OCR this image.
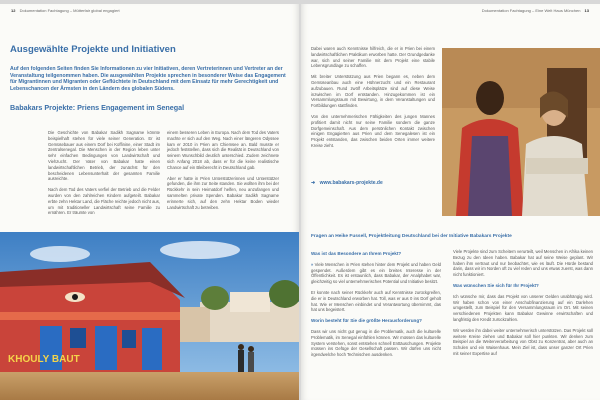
12 Dokumentation Fachtagung – Mütterfair global engagiert
Ausgewählte Projekte und Initiativen

Auf den folgenden Seiten finden Sie Informationen zu vier Initiativen, deren Vertreterinnen und Vertreter an der Veranstaltung teilgenommen haben. Die ausgewählten Projekte sprechen in besonderer Weise das Engagement für Migrantinnen und Migranten oder Geflüchtete in Deutschland mit dem Einsatz für mehr Gerechtigkeit und Lebenschancen der Ärmsten in den Ländern des globalen Südens.

Babakars Projekte: Priens Engagement im Senegal

Die Geschichte von Babakar Sadikh Sagname könnte beispielhaft stehen für viele seiner Generation. Er ist Gemüsebauer aus einem Dorf bei Koffinine, einer Stadt im Zentralsenegal. Die Menschen in der Region leben unter sehr einfachen Bedingungen von Landwirtschaft und Viehzucht. Der Vater von Babakar hatte einen landwirtschaftlichen Betrieb, der zunächst für den bescheidenen Lebensunterhalt der gesamten Familie ausreichte.

Nach dem Tod des Vaters verfiel der Betrieb und die Felder wurden von den zahlreichen Kindern aufgeteilt. Babakar erbte zehn Hektar Land, die Fläche reichte jedoch nicht aus, um mit traditioneller Landwirtschaft seine Familie zu ernähren. Er träumte von

einem besseren Leben in Europa. Nach dem Tod des Vaters machte er sich auf den Weg. Nach einer längeren Odyssee kam er 2010 in Prien am Chiemsee an. Bald musste er jedoch feststellen, dass sich die Realität in Deutschland von seinem Wunschbild deutlich unterschied. Zudem zeichnete sich Anfang 2018 ab, dass er für die keine realistische Chance auf ein Bleiberecht in Deutschland gab.

Aber er hatte in Prien Unterstützerinnen und Unterstützer gefunden, die ihm zur Seite standen. Sie wollten ihm bei der Rückkehr in sein Heimatdorf helfen, neu anzufangen und sammelten private Spenden. Babakar Sadikh Sagname erinnerte sich, auf den zehn Hektar Boden wieder Landwirtschaft zu betreiben.

KHOULY BAUT
Dokumentation Fachtagung – Eine Welt Haus München 13

Dabei waren auch Kenntnisse hilfreich, die er in Prien bei einem landwirtschaftlichen Praktikum erworben hatte. Der Grundgedanke war, sich und seiner Familie mit dem Projekt eine stabile Lebensgrundlage zu schaffen.

Mit breiter Unterstützung aus Prien begann es, neben dem Gemüseanbau auch eine Hühnerzucht und ein Restaurant aufzubauen. Rund zwölf Arbeitsplätze sind auf diese Weise inzwischen im Dorf entstanden. Hinzugekommen ist ein Versammlungsraum mit Bewirtung, in dem Veranstaltungen und Fortbildungen stattfinden.

Von den unternehmerischen Fähigkeiten des jungen Mannes profitiert damit nicht nur seine Familie sondern die ganze Dorfgemeinschaft. Aus dem persönlichen Kontakt zwischen einigen Engagierten aus Prien und dem Senegalesen ist ein Projekt entstanden, das zwischen beiden Orten immer weitere Kreise zieht.

➜ www.babakars-projekte.de

Fragen an Heike Fussell, Projektleitung Deutschland bei der Initiative Babakars Projekte

Was ist das Besondere an Ihrem Projekt?

» Viele Menschen in Prien stehen hinter dem Projekt und haben Geld gespendet. Außerdem gibt es ein breites Interesse in der Öffentlichkeit. Es ist erstaunlich, dass Babakar, der Analphabet war, gleichzeitig so viel unternehmerisches Potential und Initiative besitzt.

Er konnte nach seiner Rückkehr auch auf Kenntnisse zurückgreifen, die er in Deutschland erworben hat. Toll, was er aus 0 ins Dorf geholt hat. Wie er Menschen einbindet und Verantwortung übernimmt, das hat uns begeistert.

Worin besteht für Sie die größte Herausforderung?

Dass wir uns nicht gut genug in die Problematik, auch die kulturelle Problematik, im Senegal einfühlen können. Wir müssen das kulturelle System verstehen, sonst entstehen schnell Enttäuschungen. Projekte müssen ins Gefüge der Gesellschaft passen. Wir dürfen uns nicht irgendwelche hoch Technischen ausdenken.

Viele Projekte sind zum Scheitern verurteilt, weil Menschen in Afrika keinen Bezug zu den Ideen haben. Babakar hat auf seine Weise geplant. Wir haben ihm vertraut und nur beobachtet, wie es läuft. Die Hürde bestand darin, dass wir im Norden oft zu viel reden und uns etwas zuerst, was dann nicht funktioniert.

Was wünschen Sie sich für Ihr Projekt?

Ich wünsche mir, dass das Projekt von unserer Gelden unabhängig wird. Wir haben schon von einer Anschubfinanzierung auf ein Darlehen umgestellt, zum Beispiel für den Versammlungsraum im Ort. Mit seinen verschiedenen Projekten kann Babakar Gewinne erwirtschaften und langfristig den Kredit zurückzahlen.

Wir werden ihn dabei weiter unternehmerisch unterstützen. Das Projekt soll weitere Kreise ziehen und Babakar soll hier punkten. Wir denken zum Beispiel an die Weiterverarbeitung von Obst zu Konzentrat, aber auch an Schulen und ein Waisenhaus. Mein Ziel ist, dass unser ganzer Ort Prien mit seiner Expertise auf
